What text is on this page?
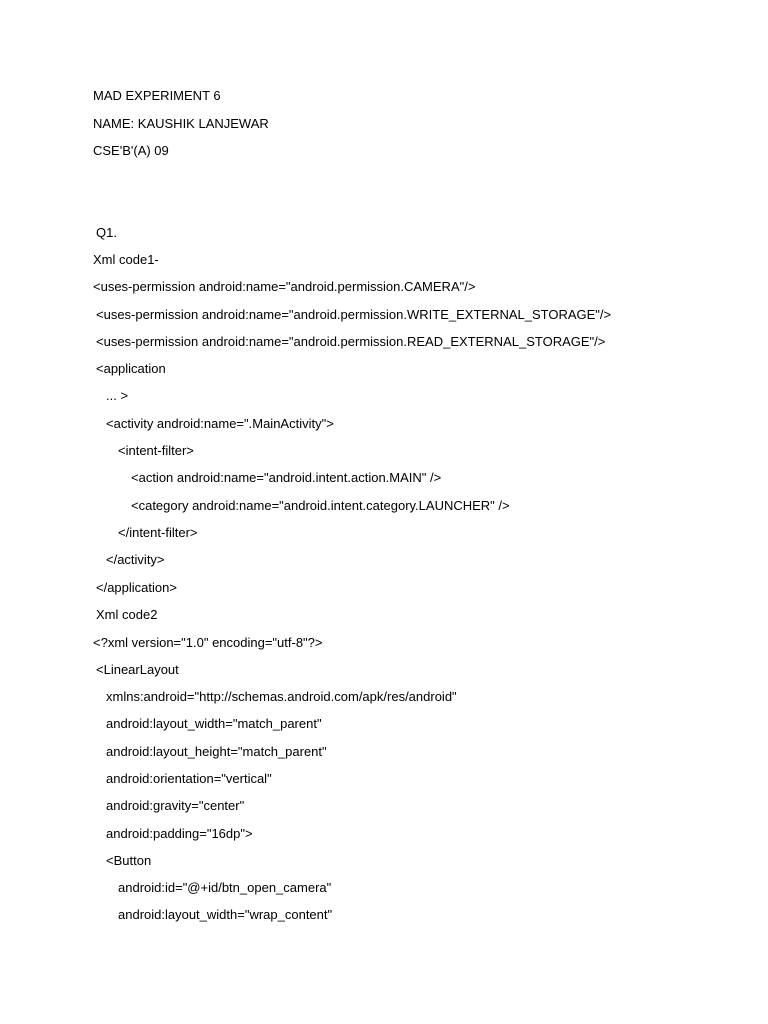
MAD EXPERIMENT 6
NAME: KAUSHIK LANJEWAR
CSE'B'(A) 09
Q1.
Xml code1-
<uses-permission android:name="android.permission.CAMERA"/>
<uses-permission android:name="android.permission.WRITE_EXTERNAL_STORAGE"/>
<uses-permission android:name="android.permission.READ_EXTERNAL_STORAGE"/>
<application
... >
<activity android:name=".MainActivity">
<intent-filter>
<action android:name="android.intent.action.MAIN" />
<category android:name="android.intent.category.LAUNCHER" />
</intent-filter>
</activity>
</application>
Xml code2
<?xml version="1.0" encoding="utf-8"?>
<LinearLayout
xmlns:android="http://schemas.android.com/apk/res/android"
android:layout_width="match_parent"
android:layout_height="match_parent"
android:orientation="vertical"
android:gravity="center"
android:padding="16dp">
<Button
android:id="@+id/btn_open_camera"
android:layout_width="wrap_content"
